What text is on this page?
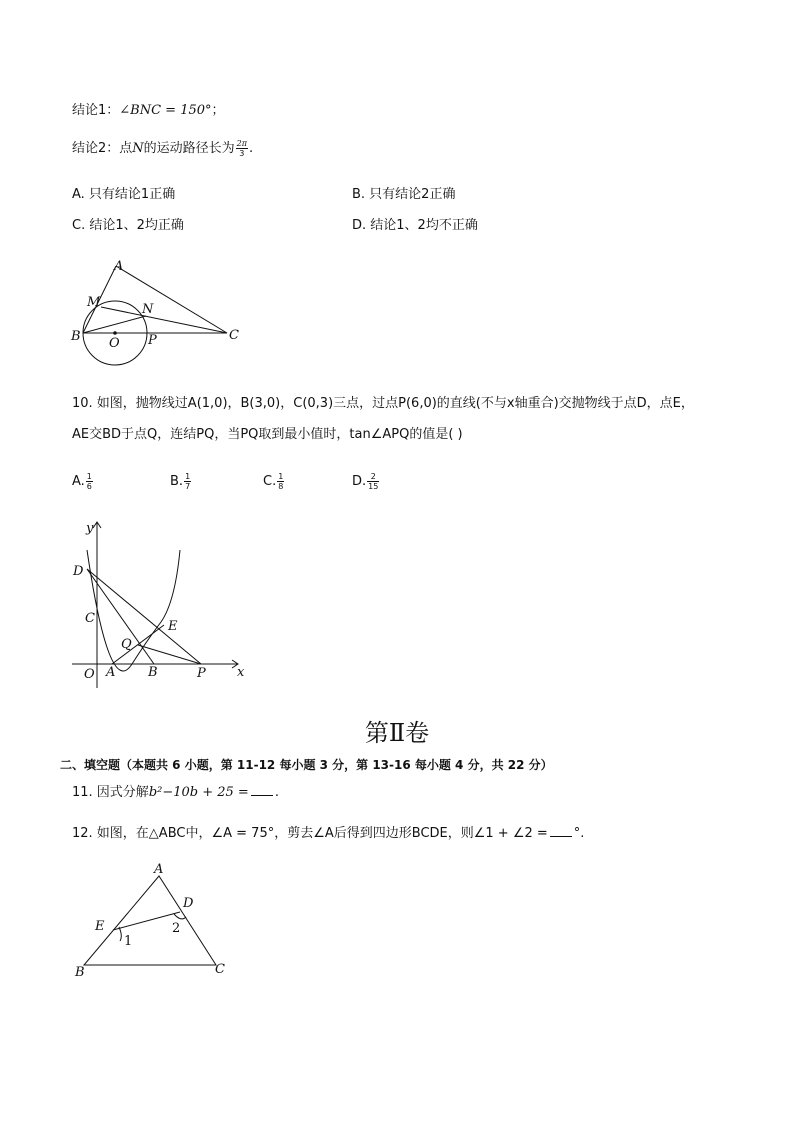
结论1：∠BNC = 150°；
结论2：点N的运动路径长为 $\frac{2\pi}{3}$ .
A. 只有结论1正确	B. 只有结论2正确
C. 结论1、2均正确	D. 结论1、2均不正确
A
M	N
B O P	C
10. 如图，抛物线过A(1,0)，B(3,0)，C(0,3)三点，过点P(6,0)的直线(不与x轴重合)交抛物线于点D，点E，
AE交BD于点Q，连结PQ，当PQ取到最小值时，tan∠APQ的值是( )
A. $\frac{1}{6}$	B. $\frac{1}{7}$	C. $\frac{1}{8}$	D. $\frac{2}{15}$
y
x
D
C
E
Q
O A	B	P
第Ⅱ卷
二、填空题（本题共 6 小题，第 11-12 每小题 3 分，第 13-16 每小题 4 分，共 22 分）
11. 因式分解b²−10b + 25 = .
12. 如图，在△ABC中，∠A = 75°，剪去∠A后得到四边形BCDE，则∠1 + ∠2 = °.
A
D
E
1
2
B	C
